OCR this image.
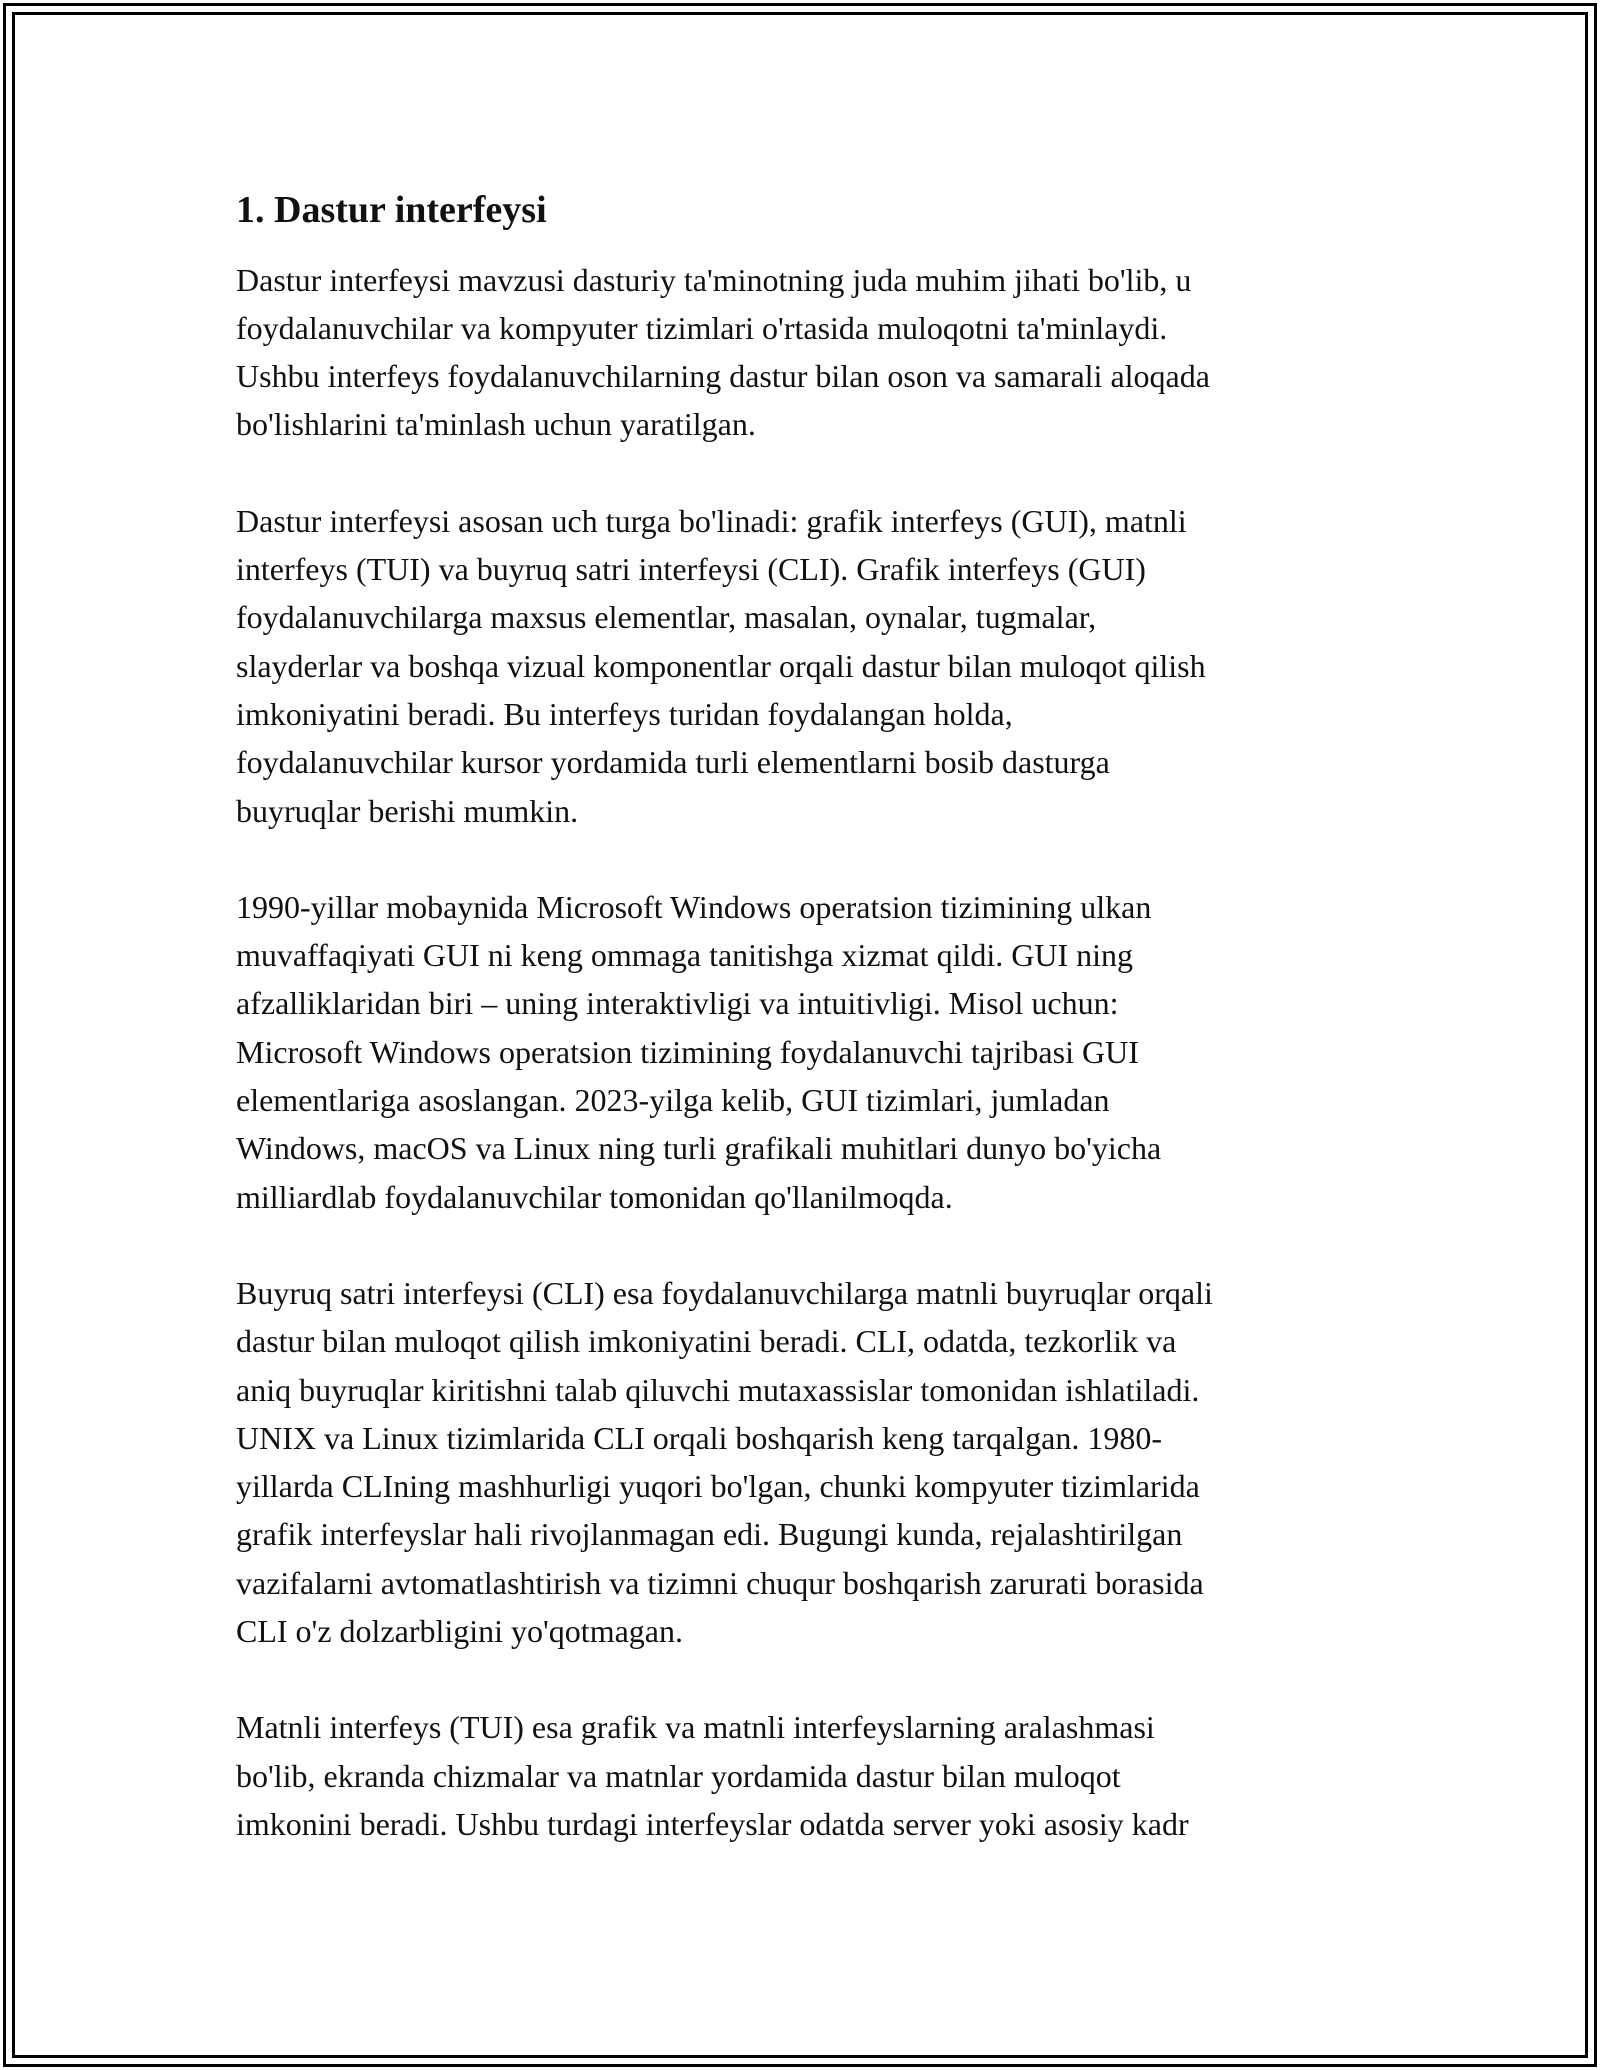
1. Dastur interfeysi

Dastur interfeysi mavzusi dasturiy ta'minotning juda muhim jihati bo'lib, u
foydalanuvchilar va kompyuter tizimlari o'rtasida muloqotni ta'minlaydi.
Ushbu interfeys foydalanuvchilarning dastur bilan oson va samarali aloqada
bo'lishlarini ta'minlash uchun yaratilgan.

Dastur interfeysi asosan uch turga bo'linadi: grafik interfeys (GUI), matnli
interfeys (TUI) va buyruq satri interfeysi (CLI). Grafik interfeys (GUI)
foydalanuvchilarga maxsus elementlar, masalan, oynalar, tugmalar,
slayderlar va boshqa vizual komponentlar orqali dastur bilan muloqot qilish
imkoniyatini beradi. Bu interfeys turidan foydalangan holda,
foydalanuvchilar kursor yordamida turli elementlarni bosib dasturga
buyruqlar berishi mumkin.

1990-yillar mobaynida Microsoft Windows operatsion tizimining ulkan
muvaffaqiyati GUI ni keng ommaga tanitishga xizmat qildi. GUI ning
afzalliklaridan biri – uning interaktivligi va intuitivligi. Misol uchun:
Microsoft Windows operatsion tizimining foydalanuvchi tajribasi GUI
elementlariga asoslangan. 2023-yilga kelib, GUI tizimlari, jumladan
Windows, macOS va Linux ning turli grafikali muhitlari dunyo bo'yicha
milliardlab foydalanuvchilar tomonidan qo'llanilmoqda.

Buyruq satri interfeysi (CLI) esa foydalanuvchilarga matnli buyruqlar orqali
dastur bilan muloqot qilish imkoniyatini beradi. CLI, odatda, tezkorlik va
aniq buyruqlar kiritishni talab qiluvchi mutaxassislar tomonidan ishlatiladi.
UNIX va Linux tizimlarida CLI orqali boshqarish keng tarqalgan. 1980-
yillarda CLIning mashhurligi yuqori bo'lgan, chunki kompyuter tizimlarida
grafik interfeyslar hali rivojlanmagan edi. Bugungi kunda, rejalashtirilgan
vazifalarni avtomatlashtirish va tizimni chuqur boshqarish zarurati borasida
CLI o'z dolzarbligini yo'qotmagan.

Matnli interfeys (TUI) esa grafik va matnli interfeyslarning aralashmasi
bo'lib, ekranda chizmalar va matnlar yordamida dastur bilan muloqot
imkonini beradi. Ushbu turdagi interfeyslar odatda server yoki asosiy kadr
